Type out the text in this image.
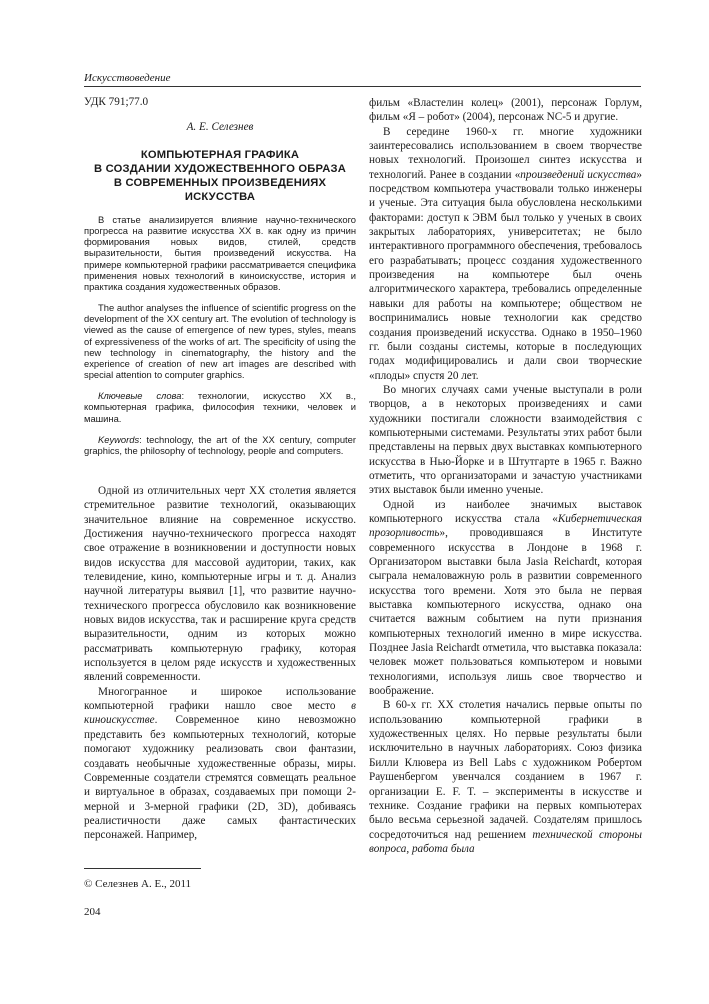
Искусствоведение

УДК 791;77.0

А. Е. Селезнев

КОМПЬЮТЕРНАЯ ГРАФИКА
В СОЗДАНИИ ХУДОЖЕСТВЕННОГО ОБРАЗА
В СОВРЕМЕННЫХ ПРОИЗВЕДЕНИЯХ
ИСКУССТВА

В статье анализируется влияние научно-технического прогресса на развитие искусства XX в. как одну из причин формирования новых видов, стилей, средств выразительности, бытия произведений искусства. На примере компьютерной графики рассматривается специфика применения новых технологий в киноискусстве, история и практика создания художественных образов.

The author analyses the influence of scientific progress on the development of the XX century art. The evolution of technology is viewed as the cause of emergence of new types, styles, means of expressiveness of the works of art. The specificity of using the new technology in cinematography, the history and the experience of creation of new art images are described with special attention to computer graphics.

Ключевые слова: технологии, искусство XX в., компьютерная графика, философия техники, человек и машина.

Keywords: technology, the art of the XX century, computer graphics, the philosophy of technology, people and computers.

Одной из отличительных черт XX столетия является стремительное развитие технологий, оказывающих значительное влияние на современное искусство. Достижения научно-технического прогресса находят свое отражение в возникновении и доступности новых видов искусства для массовой аудитории, таких, как телевидение, кино, компьютерные игры и т. д. Анализ научной литературы выявил [1], что развитие научно-технического прогресса обусловило как возникновение новых видов искусства, так и расширение круга средств выразительности, одним из которых можно рассматривать компьютерную графику, которая используется в целом ряде искусств и художественных явлений современности.

Многогранное и широкое использование компьютерной графики нашло свое место в киноискусстве. Современное кино невозможно представить без компьютерных технологий, которые помогают художнику реализовать свои фантазии, создавать необычные художественные образы, миры. Современные создатели стремятся совмещать реальное и виртуальное в образах, создаваемых при помощи 2-мерной и 3-мерной графики (2D, 3D), добиваясь реалистичности даже самых фантастических персонажей. Например,

© Селезнев А. Е., 2011
204

фильм «Властелин колец» (2001), персонаж Горлум, фильм «Я – робот» (2004), персонаж NC-5 и другие.

В середине 1960-х гг. многие художники заинтересовались использованием в своем творчестве новых технологий. Произошел синтез искусства и технологий. Ранее в создании «произведений искусства» посредством компьютера участвовали только инженеры и ученые. Эта ситуация была обусловлена несколькими факторами: доступ к ЭВМ был только у ученых в своих закрытых лабораториях, университетах; не было интерактивного программного обеспечения, требовалось его разрабатывать; процесс создания художественного произведения на компьютере был очень алгоритмического характера, требовались определенные навыки для работы на компьютере; обществом не воспринимались новые технологии как средство создания произведений искусства. Однако в 1950–1960 гг. были созданы системы, которые в последующих годах модифицировались и дали свои творческие «плоды» спустя 20 лет.

Во многих случаях сами ученые выступали в роли творцов, а в некоторых произведениях и сами художники постигали сложности взаимодействия с компьютерными системами. Результаты этих работ были представлены на первых двух выставках компьютерного искусства в Нью-Йорке и в Штутгарте в 1965 г. Важно отметить, что организаторами и зачастую участниками этих выставок были именно ученые.

Одной из наиболее значимых выставок компьютерного искусства стала «Кибернетическая прозорливость», проводившаяся в Институте современного искусства в Лондоне в 1968 г. Организатором выставки была Jasia Reichardt, которая сыграла немаловажную роль в развитии современного искусства того времени. Хотя это была не первая выставка компьютерного искусства, однако она считается важным событием на пути признания компьютерных технологий именно в мире искусства. Позднее Jasia Reichardt отметила, что выставка показала: человек может пользоваться компьютером и новыми технологиями, используя лишь свое творчество и воображение.

В 60-х гг. XX столетия начались первые опыты по использованию компьютерной графики в художественных целях. Но первые результаты были исключительно в научных лабораториях. Союз физика Билли Клювера из Bell Labs с художником Робертом Раушенбергом увенчался созданием в 1967 г. организации E. F. T. – эксперименты в искусстве и технике. Создание графики на первых компьютерах было весьма серьезной задачей. Создателям пришлось сосредоточиться над решением технической стороны вопроса, работа была
